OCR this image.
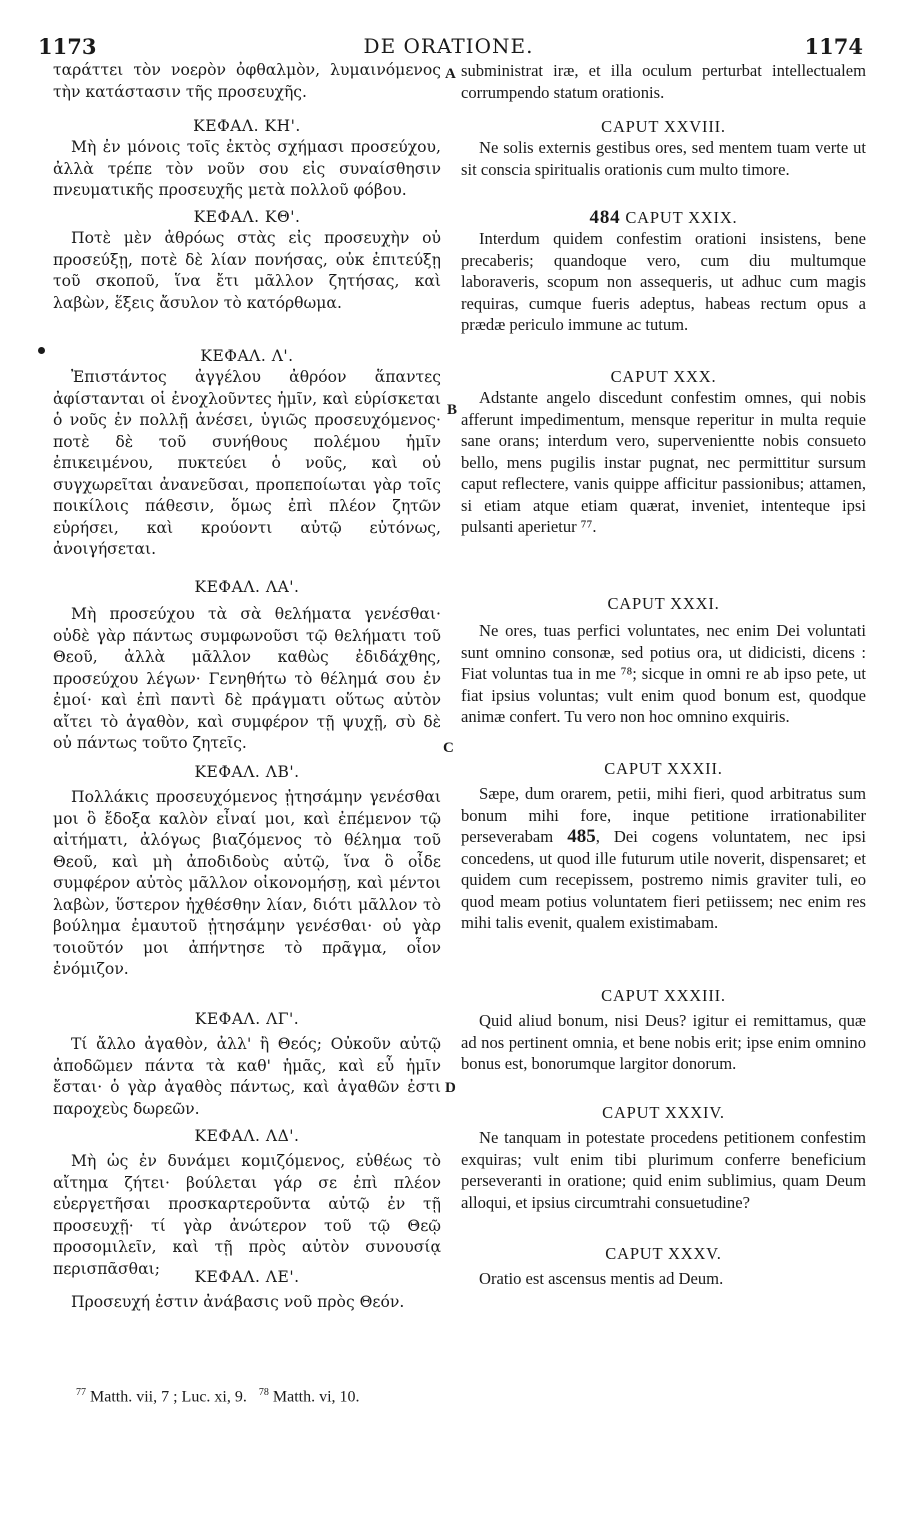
1173	DE ORATIONE.	1174
A
B
C
D

ταράττει τὸν νοερὸν ὀφθαλμὸν, λυμαινόμενος τὴν κατάστασιν τῆς προσευχῆς.

ΚΕΦΑΛ. ΚΗ'.

Μὴ ἐν μόνοις τοῖς ἐκτὸς σχήμασι προσεύχου, ἀλλὰ τρέπε τὸν νοῦν σου εἰς συναίσθησιν πνευματικῆς προσευχῆς μετὰ πολλοῦ φόβου.

ΚΕΦΑΛ. ΚΘ'.

Ποτὲ μὲν ἀθρόως στὰς εἰς προσευχὴν οὐ προσεύξῃ, ποτὲ δὲ λίαν πονήσας, οὐκ ἐπιτεύξῃ τοῦ σκοποῦ, ἵνα ἔτι μᾶλλον ζητήσας, καὶ λαβὼν, ἕξεις ἄσυλον τὸ κατόρθωμα.

ΚΕΦΑΛ. Λ'.

Ἐπιστάντος ἀγγέλου ἀθρόον ἅπαντες ἀφίστανται οἱ ἐνοχλοῦντες ἡμῖν, καὶ εὑρίσκεται ὁ νοῦς ἐν πολλῇ ἀνέσει, ὑγιῶς προσευχόμενος· ποτὲ δὲ τοῦ συνήθους πολέμου ἡμῖν ἐπικειμένου, πυκτεύει ὁ νοῦς, καὶ οὐ συγχωρεῖται ἀνανεῦσαι, προπεποίωται γὰρ τοῖς ποικίλοις πάθεσιν, ὅμως ἐπὶ πλέον ζητῶν εὑρήσει, καὶ κρούοντι αὐτῷ εὐτόνως, ἀνοιγήσεται.

ΚΕΦΑΛ. ΛΑ'.

Μὴ προσεύχου τὰ σὰ θελήματα γενέσθαι· οὐδὲ γὰρ πάντως συμφωνοῦσι τῷ θελήματι τοῦ Θεοῦ, ἀλλὰ μᾶλλον καθὼς ἐδιδάχθης, προσεύχου λέγων· Γενηθήτω τὸ θέλημά σου ἐν ἐμοί· καὶ ἐπὶ παντὶ δὲ πράγματι οὕτως αὐτὸν αἴτει τὸ ἀγαθὸν, καὶ συμφέρον τῇ ψυχῇ, σὺ δὲ οὐ πάντως τοῦτο ζητεῖς.

ΚΕΦΑΛ. ΛΒ'.

Πολλάκις προσευχόμενος ᾐτησάμην γενέσθαι μοι ὃ ἔδοξα καλὸν εἶναί μοι, καὶ ἐπέμενον τῷ αἰτήματι, ἀλόγως βιαζόμενος τὸ θέλημα τοῦ Θεοῦ, καὶ μὴ ἀποδιδοὺς αὐτῷ, ἵνα ὃ οἶδε συμφέρον αὐτὸς μᾶλλον οἰκονομήσῃ, καὶ μέντοι λαβὼν, ὕστερον ἠχθέσθην λίαν, διότι μᾶλλον τὸ βούλημα ἐμαυτοῦ ᾐτησάμην γενέσθαι· οὐ γὰρ τοιοῦτόν μοι ἀπήντησε τὸ πρᾶγμα, οἷον ἐνόμιζον.

ΚΕΦΑΛ. ΛΓ'.

Τί ἄλλο ἀγαθὸν, ἀλλ' ἢ Θεός; Οὐκοῦν αὐτῷ ἀποδῶμεν πάντα τὰ καθ' ἡμᾶς, καὶ εὖ ἡμῖν ἔσται· ὁ γὰρ ἀγαθὸς πάντως, καὶ ἀγαθῶν ἐστι παροχεὺς δωρεῶν.

ΚΕΦΑΛ. ΛΔ'.

Μὴ ὡς ἐν δυνάμει κομιζόμενος, εὐθέως τὸ αἴτημα ζήτει· βούλεται γάρ σε ἐπὶ πλέον εὐεργετῆσαι προσκαρτεροῦντα αὐτῷ ἐν τῇ προσευχῇ· τί γὰρ ἀνώτερον τοῦ τῷ Θεῷ προσομιλεῖν, καὶ τῇ πρὸς αὐτὸν συνουσίᾳ περισπᾶσθαι;	ΚΕΦΑΛ. ΛΕ'.

Προσευχή ἐστιν ἀνάβασις νοῦ πρὸς Θεόν.

subministrat iræ, et illa oculum perturbat intellectualem corrumpendo statum orationis.

CAPUT XXVIII.

Ne solis externis gestibus ores, sed mentem tuam verte ut sit conscia spiritualis orationis cum multo timore.

484 CAPUT XXIX.

Interdum quidem confestim orationi insistens, bene precaberis; quandoque vero, cum diu multumque laboraveris, scopum non assequeris, ut adhuc cum magis requiras, cumque fueris adeptus, habeas rectum opus a prædæ periculo immune ac tutum.

CAPUT XXX.

Adstante angelo discedunt confestim omnes, qui nobis afferunt impedimentum, mensque reperitur in multa requie sane orans; interdum vero, supervenientte nobis consueto bello, mens pugilis instar pugnat, nec permittitur sursum caput reflectere, vanis quippe afficitur passionibus; attamen, si etiam atque etiam quærat, inveniet, intenteque ipsi pulsanti aperietur ⁷⁷.

CAPUT XXXI.

Ne ores, tuas perfici voluntates, nec enim Dei voluntati sunt omnino consonæ, sed potius ora, ut didicisti, dicens : Fiat voluntas tua in me ⁷⁸; sicque in omni re ab ipso pete, ut fiat ipsius voluntas; vult enim quod bonum est, quodque animæ confert. Tu vero non hoc omnino exquiris.

CAPUT XXXII.

Sæpe, dum orarem, petii, mihi fieri, quod arbitratus sum bonum mihi fore, inque petitione irrationabiliter perseverabam 485, Dei cogens voluntatem, nec ipsi concedens, ut quod ille futurum utile noverit, dispensaret; et quidem cum recepissem, postremo nimis graviter tuli, eo quod meam potius voluntatem fieri petiissem; nec enim res mihi talis evenit, qualem existimabam.

CAPUT XXXIII.

Quid aliud bonum, nisi Deus? igitur ei remittamus, quæ ad nos pertinent omnia, et bene nobis erit; ipse enim omnino bonus est, bonorumque largitor donorum.

CAPUT XXXIV.

Ne tanquam in potestate procedens petitionem confestim exquiras; vult enim tibi plurimum conferre beneficium perseveranti in oratione; quid enim sublimius, quam Deum alloqui, et ipsius circumtrahi consuetudine?

CAPUT XXXV.

Oratio est ascensus mentis ad Deum.

$^{77}$ Matth. vii, 7 ; Luc. xi, 9. $^{78}$ Matth. vi, 10.
